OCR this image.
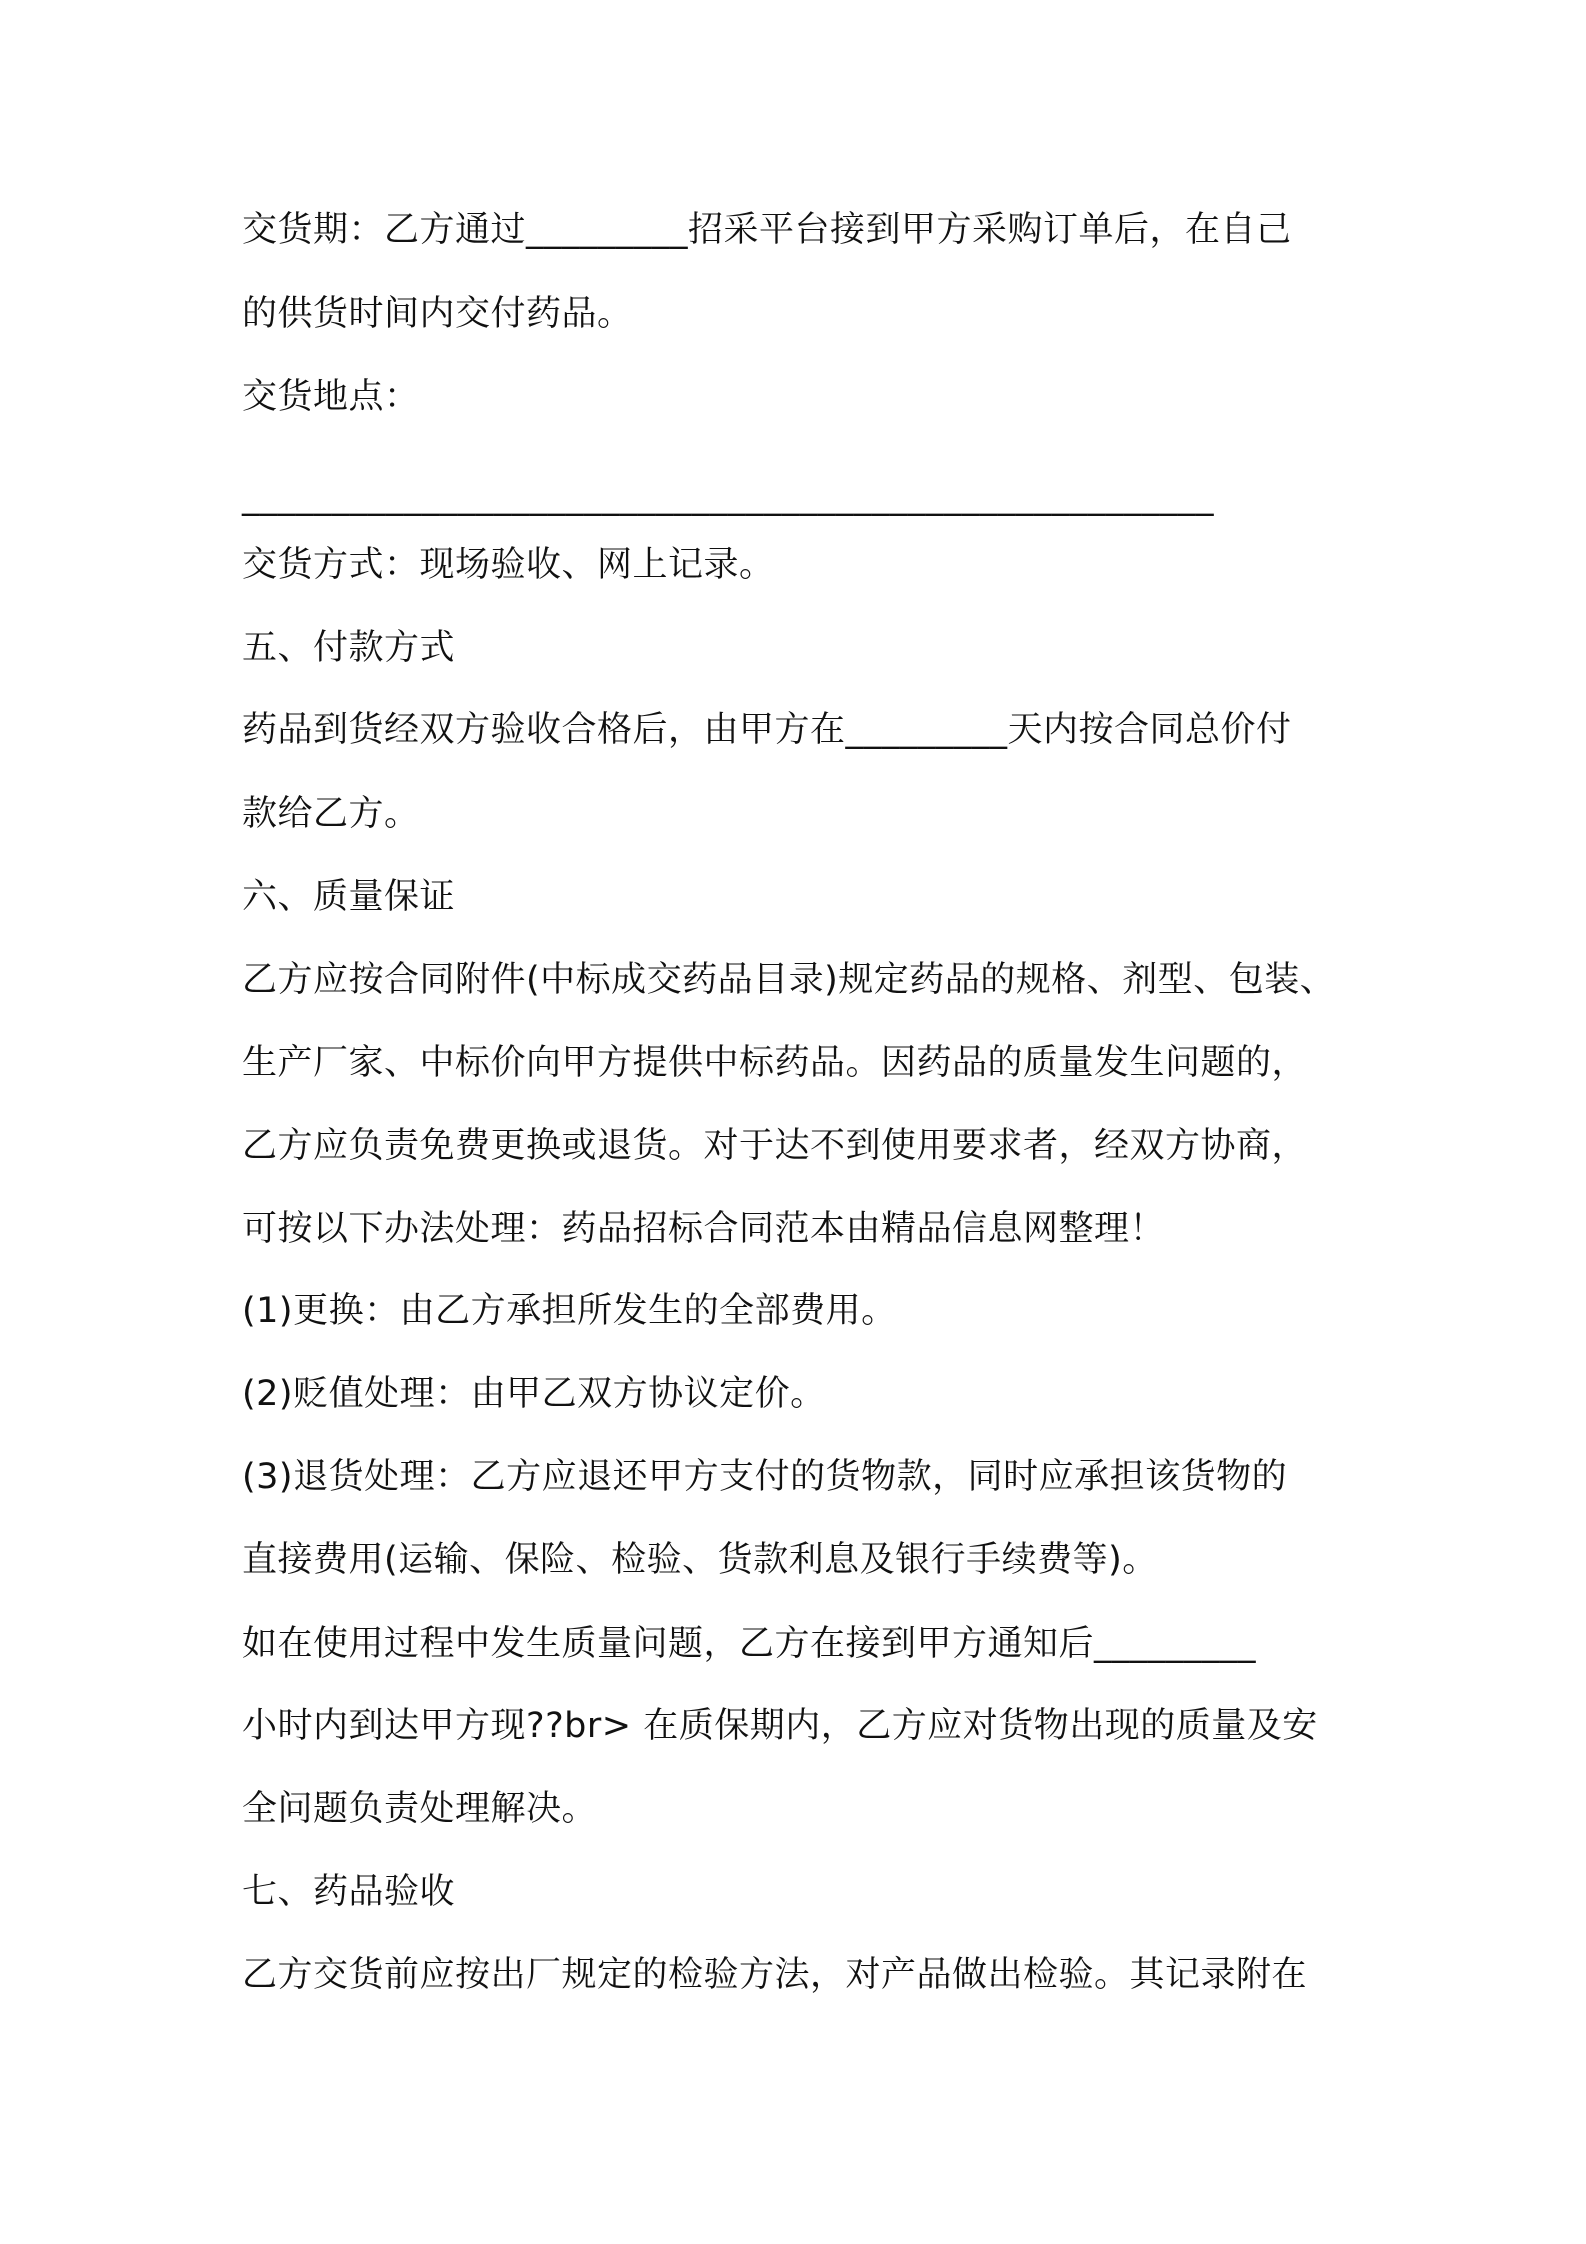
交货期：乙方通过_________招采平台接到甲方采购订单后，在自己
的供货时间内交付药品。
交货地点：
______________________________________________________
交货方式：现场验收、网上记录。
五、付款方式
药品到货经双方验收合格后，由甲方在_________天内按合同总价付
款给乙方。
六、质量保证
乙方应按合同附件(中标成交药品目录)规定药品的规格、剂型、包装、
生产厂家、中标价向甲方提供中标药品。因药品的质量发生问题的，
乙方应负责免费更换或退货。对于达不到使用要求者，经双方协商，
可按以下办法处理：药品招标合同范本由精品信息网整理！
(1)更换：由乙方承担所发生的全部费用。
(2)贬值处理：由甲乙双方协议定价。
(3)退货处理：乙方应退还甲方支付的货物款，同时应承担该货物的
直接费用(运输、保险、检验、货款利息及银行手续费等)。
如在使用过程中发生质量问题，乙方在接到甲方通知后_________
小时内到达甲方现??br> 在质保期内，乙方应对货物出现的质量及安
全问题负责处理解决。
七、药品验收
乙方交货前应按出厂规定的检验方法，对产品做出检验。其记录附在
